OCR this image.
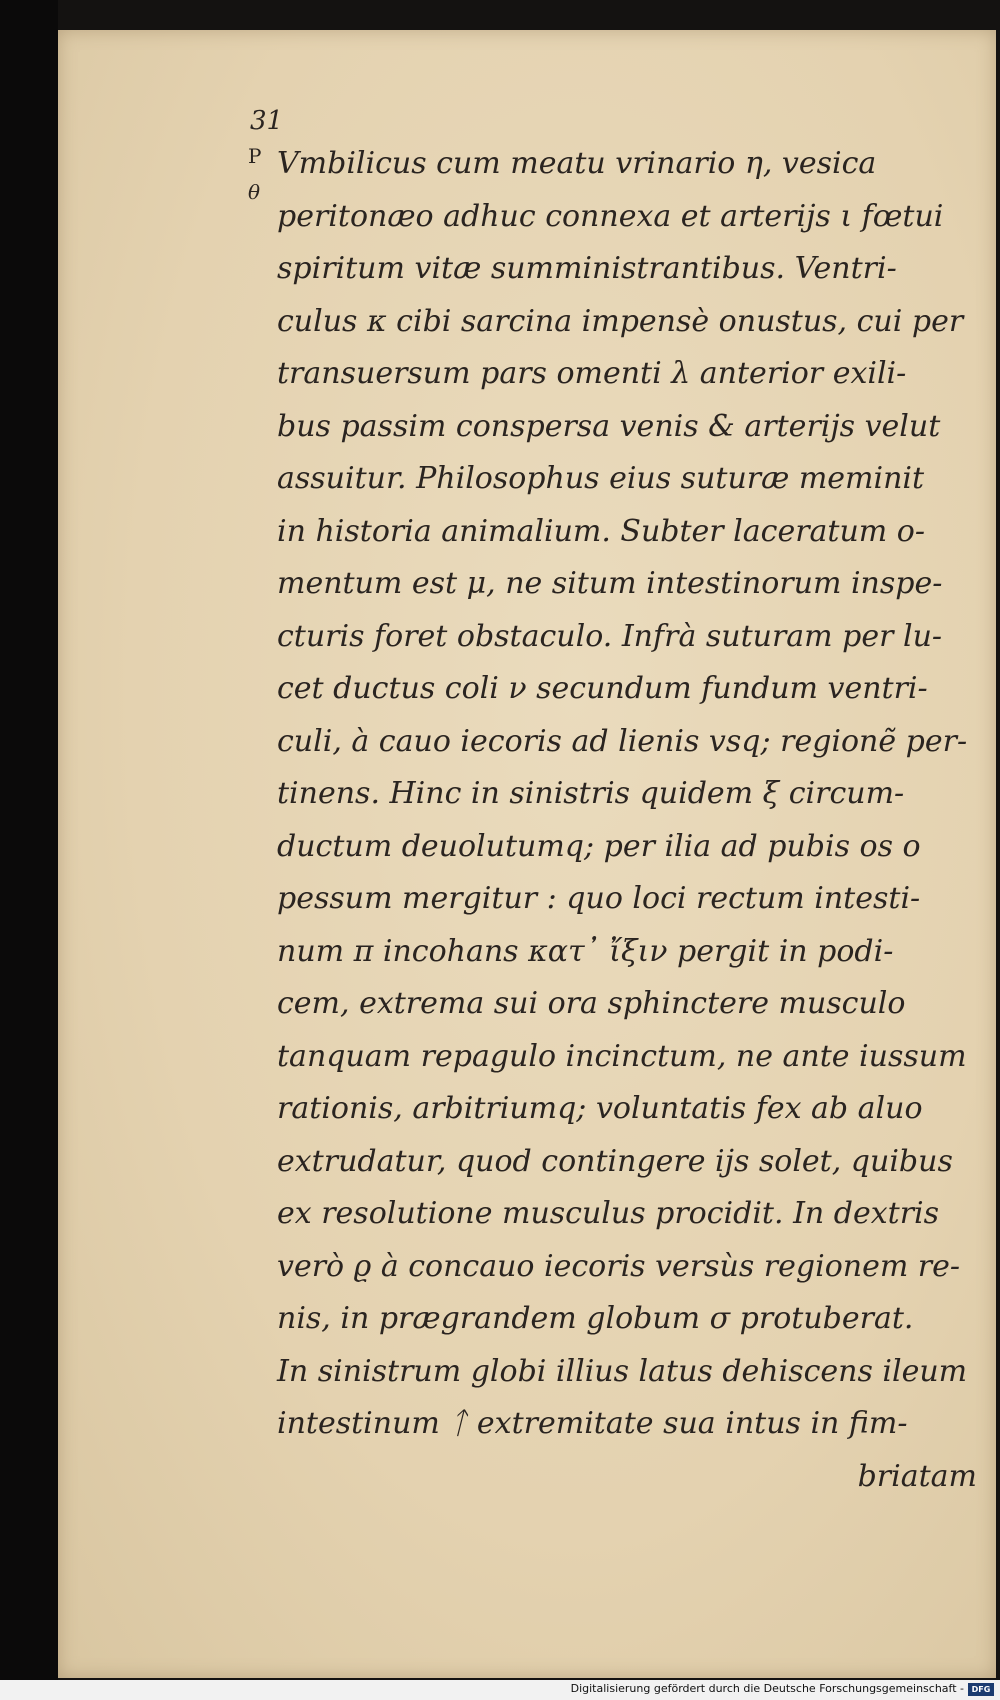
31
P
θ
Vmbilicus cum meatu vrinario η, vesica
peritonæo adhuc connexa et arterijs ι fœtui
spiritum vitæ sumministrantibus. Ventri-
culus κ cibi sarcina impensè onustus, cui per
transuersum pars omenti λ anterior exili-
bus passim conspersa venis & arterijs velut
assuitur. Philosophus eius suturæ meminit
in historia animalium. Subter laceratum o-
mentum est μ, ne situm intestinorum inspe-
cturis foret obstaculo. Infrà suturam per lu-
cet ductus coli ν secundum fundum ventri-
culi, à cauo iecoris ad lienis vsq; regionẽ per-
tinens. Hinc in sinistris quidem ξ circum-
ductum deuolutumq; per ilia ad pubis os ο
pessum mergitur : quo loci rectum intesti-
num π incohans κατ᾽ ἴξιν pergit in podi-
cem, extrema sui ora sphinctere musculo
tanquam repagulo incinctum, ne ante iussum
rationis, arbitriumq; voluntatis fex ab aluo
extrudatur, quod contingere ijs solet, quibus
ex resolutione musculus procidit. In dextris
verò ϱ à concauo iecoris versùs regionem re-
nis, in prægrandem globum σ protuberat.
In sinistrum globi illius latus dehiscens ileum
intestinum ᛏ extremitate sua intus in fim-
briatam
Digitalisierung gefördert durch die Deutsche Forschungsgemeinschaft - DFG
